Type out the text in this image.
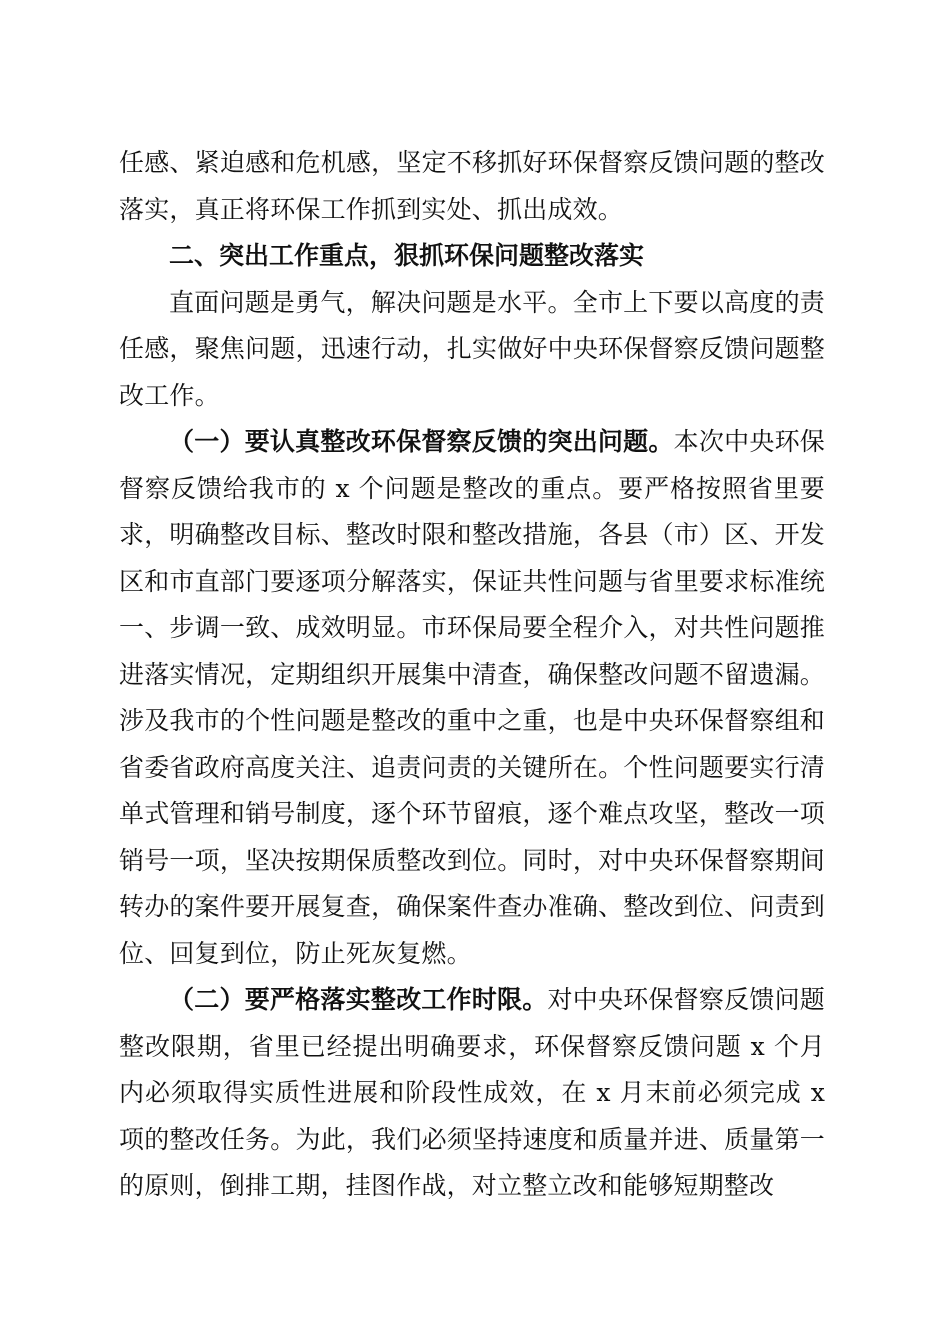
任感、紧迫感和危机感，坚定不移抓好环保督察反馈问题的整改落实，真正将环保工作抓到实处、抓出成效。

二、突出工作重点，狠抓环保问题整改落实

直面问题是勇气，解决问题是水平。全市上下要以高度的责任感，聚焦问题，迅速行动，扎实做好中央环保督察反馈问题整改工作。

（一）要认真整改环保督察反馈的突出问题。本次中央环保督察反馈给我市的 x 个问题是整改的重点。要严格按照省里要求，明确整改目标、整改时限和整改措施，各县（市）区、开发区和市直部门要逐项分解落实，保证共性问题与省里要求标准统一、步调一致、成效明显。市环保局要全程介入，对共性问题推进落实情况，定期组织开展集中清查，确保整改问题不留遗漏。涉及我市的个性问题是整改的重中之重，也是中央环保督察组和省委省政府高度关注、追责问责的关键所在。个性问题要实行清单式管理和销号制度，逐个环节留痕，逐个难点攻坚，整改一项销号一项，坚决按期保质整改到位。同时，对中央环保督察期间转办的案件要开展复查，确保案件查办准确、整改到位、问责到位、回复到位，防止死灰复燃。

（二）要严格落实整改工作时限。对中央环保督察反馈问题整改限期，省里已经提出明确要求，环保督察反馈问题 x 个月内必须取得实质性进展和阶段性成效，在 x 月末前必须完成 x 项的整改任务。为此，我们必须坚持速度和质量并进、质量第一的原则，倒排工期，挂图作战，对立整立改和能够短期整改
